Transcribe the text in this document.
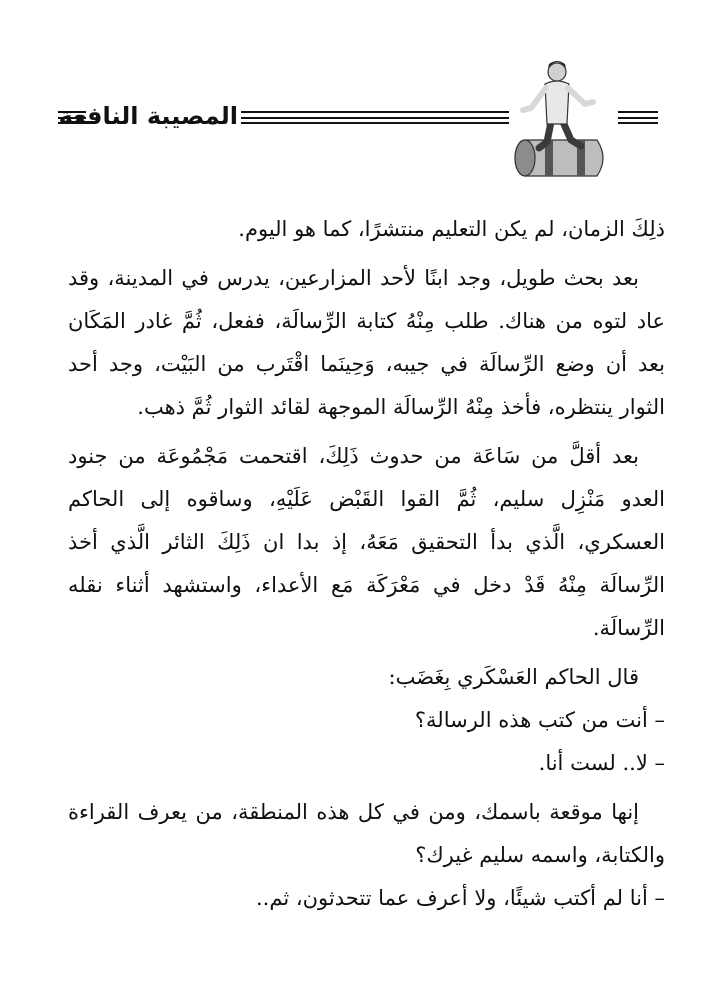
المصيبة النافعة

ذلِكَ الزمان، لم يكن التعليم منتشرًا، كما هو اليوم.

بعد بحث طويل، وجد ابنًا لأحد المزارعين، يدرس في المدينة، وقد عاد لتوه من هناك. طلب مِنْهُ كتابة الرِّسالَة، ففعل، ثُمَّ غادر المَكَان بعد أن وضع الرِّسالَة في جيبه، وَحِينَما اقْتَرب من البَيْت، وجد أحد الثوار ينتظره، فأخذ مِنْهُ الرِّسالَة الموجهة لقائد الثوار ثُمَّ ذهب.

بعد أقلَّ من سَاعَة من حدوث ذَلِكَ، اقتحمت مَجْمُوعَة من جنود العدو مَنْزِل سليم، ثُمَّ القوا القَبْض عَلَيْهِ، وساقوه إلى الحاكم العسكري، الَّذي بدأ التحقيق مَعَهُ، إذ بدا ان ذَلِكَ الثائر الَّذي أخذ الرِّسالَة مِنْهُ قَدْ دخل في مَعْرَكَة مَع الأعداء، واستشهد أثناء نقله الرِّسالَة.

قال الحاكم العَسْكَري بِغَضَب:

– أنت من كتب هذه الرسالة؟

– لا.. لست أنا.

إنها موقعة باسمك، ومن في كل هذه المنطقة، من يعرف القراءة والكتابة، واسمه سليم غيرك؟

– أنا لم أكتب شيئًا، ولا أعرف عما تتحدثون، ثم..
